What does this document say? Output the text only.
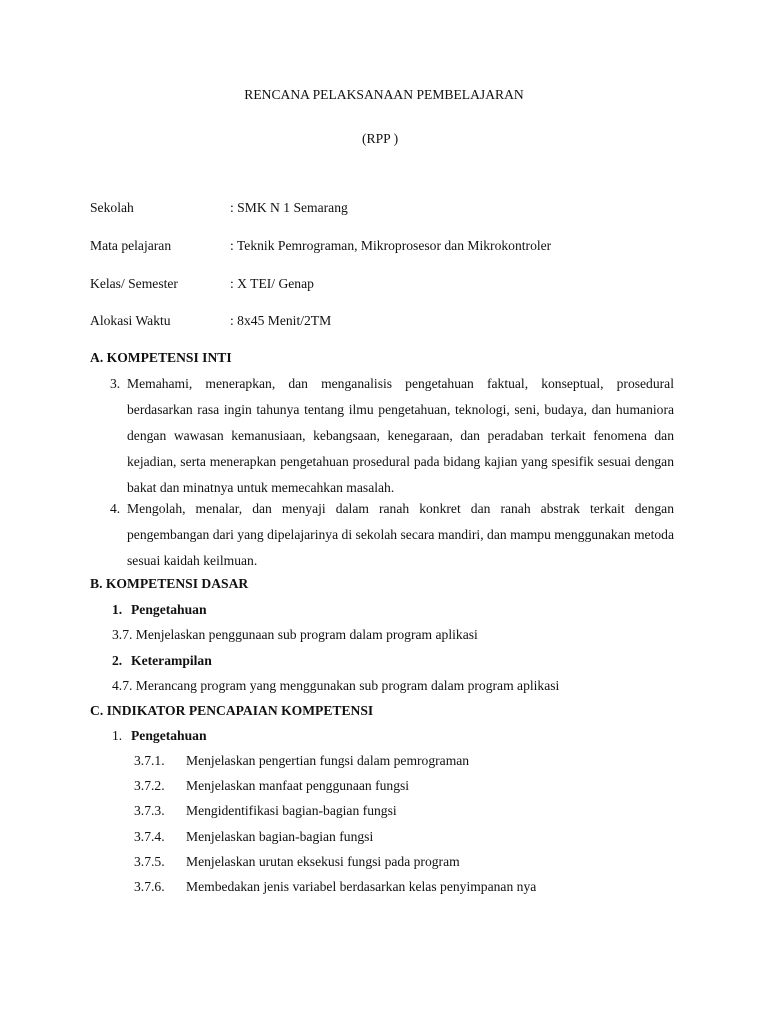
RENCANA PELAKSANAAN PEMBELAJARAN
(RPP )
Sekolah	: SMK N 1 Semarang
Mata pelajaran	: Teknik Pemrograman, Mikroprosesor dan Mikrokontroler
Kelas/ Semester	: X TEI/ Genap
Alokasi Waktu	: 8x45 Menit/2TM
A. KOMPETENSI INTI
3. Memahami, menerapkan, dan menganalisis pengetahuan faktual, konseptual, prosedural berdasarkan rasa ingin tahunya tentang ilmu pengetahuan, teknologi, seni, budaya, dan humaniora dengan wawasan kemanusiaan, kebangsaan, kenegaraan, dan peradaban terkait fenomena dan kejadian, serta menerapkan pengetahuan prosedural pada bidang kajian yang spesifik sesuai dengan bakat dan minatnya untuk memecahkan masalah.
4. Mengolah, menalar, dan menyaji dalam ranah konkret dan ranah abstrak terkait dengan pengembangan dari yang dipelajarinya di sekolah secara mandiri, dan mampu menggunakan metoda sesuai kaidah keilmuan.
B. KOMPETENSI DASAR
1. Pengetahuan
3.7. Menjelaskan penggunaan sub program dalam program aplikasi
2. Keterampilan
4.7. Merancang program yang menggunakan sub program dalam program aplikasi
C. INDIKATOR PENCAPAIAN KOMPETENSI
1. Pengetahuan
3.7.1. Menjelaskan pengertian fungsi dalam pemrograman
3.7.2. Menjelaskan manfaat penggunaan fungsi
3.7.3. Mengidentifikasi bagian-bagian fungsi
3.7.4. Menjelaskan bagian-bagian fungsi
3.7.5. Menjelaskan urutan eksekusi fungsi pada program
3.7.6. Membedakan jenis variabel berdasarkan kelas penyimpanan nya
